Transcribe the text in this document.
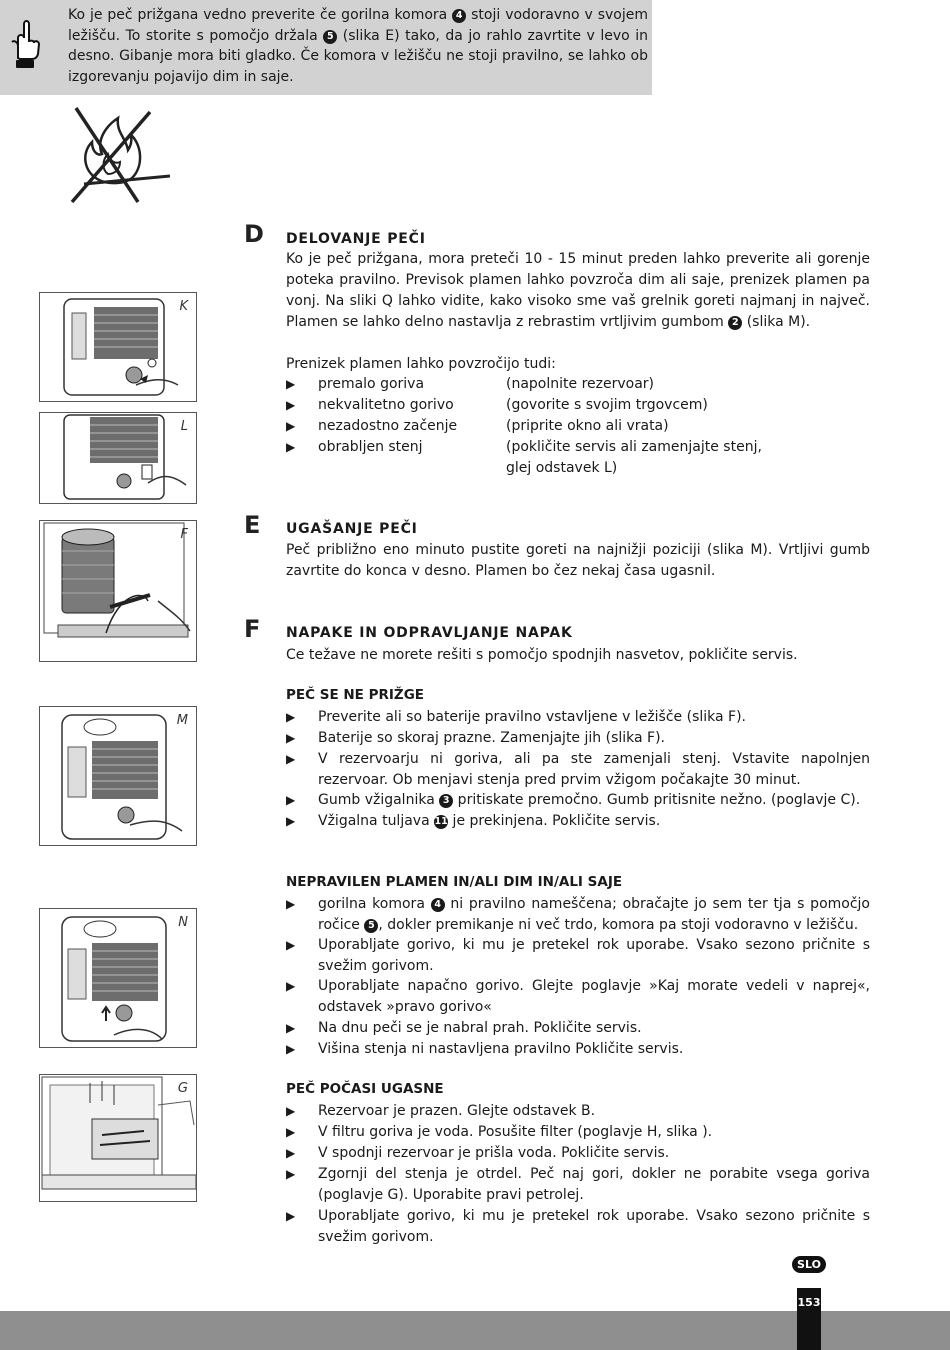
Ko je peč prižgana vedno preverite če gorilna komora 4 stoji vodoravno v svojem ležišču. To storite s pomočjo držala 5 (slika E) tako, da jo rahlo zavrtite v levo in desno. Gibanje mora biti gladko. Če komora v ležišču ne stoji pravilno, se lahko ob izgorevanju pojavijo dim in saje.
K
L
F
M
N
G
D DELOVANJE PEČI
Ko je peč prižgana, mora preteči 10 - 15 minut preden lahko preverite ali gorenje poteka pravilno. Previsok plamen lahko povzroča dim ali saje, prenizek plamen pa vonj. Na sliki Q lahko vidite, kako visoko sme vaš grelnik goreti najmanj in največ. Plamen se lahko delno nastavlja z rebrastim vrtljivim gumbom 2 (slika M).
Prenizek plamen lahko povzročijo tudi:
▶ premalo goriva	(napolnite rezervoar)
▶ nekvalitetno gorivo	(govorite s svojim trgovcem)
▶ nezadostno začenje	(priprite okno ali vrata)
▶ obrabljen stenj	(pokličite servis ali zamenjajte stenj,
glej odstavek L)
E UGAŠANJE PEČI
Peč približno eno minuto pustite goreti na najnižji poziciji (slika M). Vrtljivi gumb zavrtite do konca v desno. Plamen bo čez nekaj časa ugasnil.
F NAPAKE IN ODPRAVLJANJE NAPAK
Ce težave ne morete rešiti s pomočjo spodnjih nasvetov, pokličite servis.
PEČ SE NE PRIŽGE
▶ Preverite ali so baterije pravilno vstavljene v ležišče (slika F).
▶ Baterije so skoraj prazne. Zamenjajte jih (slika F).
▶ V rezervoarju ni goriva, ali pa ste zamenjali stenj. Vstavite napolnjen rezervoar. Ob menjavi stenja pred prvim vžigom počakajte 30 minut.
▶ Gumb vžigalnika 3 pritiskate premočno. Gumb pritisnite nežno. (poglavje C).
▶ Vžigalna tuljava 11 je prekinjena. Pokličite servis.
NEPRAVILEN PLAMEN IN/ALI DIM IN/ALI SAJE
▶ gorilna komora 4 ni pravilno nameščena; obračajte jo sem ter tja s pomočjo ročice 5 , dokler premikanje ni več trdo, komora pa stoji vodoravno v ležišču.
▶ Uporabljate gorivo, ki mu je pretekel rok uporabe. Vsako sezono pričnite s svežim gorivom.
▶ Uporabljate napačno gorivo. Glejte poglavje »Kaj morate vedeli v naprej«, odstavek »pravo gorivo«
▶ Na dnu peči se je nabral prah. Pokličite servis.
▶ Višina stenja ni nastavljena pravilno Pokličite servis.
PEČ POČASI UGASNE
▶ Rezervoar je prazen. Glejte odstavek B.
▶ V filtru goriva je voda. Posušite filter (poglavje H, slika ).
▶ V spodnji rezervoar je prišla voda. Pokličite servis.
▶ Zgornji del stenja je otrdel. Peč naj gori, dokler ne porabite vsega goriva (poglavje G). Uporabite pravi petrolej.
▶ Uporabljate gorivo, ki mu je pretekel rok uporabe. Vsako sezono pričnite s svežim gorivom.
SLO
153
